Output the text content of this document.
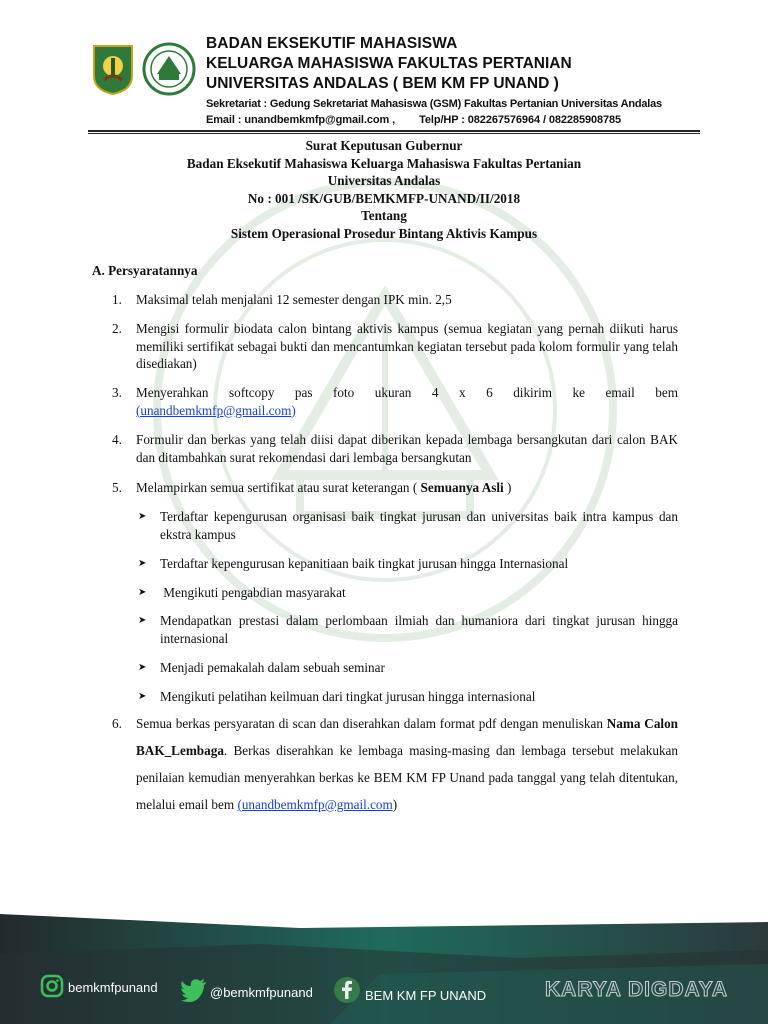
BADAN EKSEKUTIF MAHASISWA
KELUARGA MAHASISWA FAKULTAS PERTANIAN
UNIVERSITAS ANDALAS ( BEM KM FP UNAND )
Sekretariat : Gedung Sekretariat Mahasiswa (GSM) Fakultas Pertanian Universitas Andalas
Email : unandbemkmfp@gmail.com , Telp/HP : 082267576964 / 082285908785
Surat Keputusan Gubernur
Badan Eksekutif Mahasiswa Keluarga Mahasiswa Fakultas Pertanian
Universitas Andalas
No : 001 /SK/GUB/BEMKMFP-UNAND/II/2018
Tentang
Sistem Operasional Prosedur Bintang Aktivis Kampus
A. Persyaratannya
1.	Maksimal telah menjalani 12 semester dengan IPK min. 2,5
2.	Mengisi formulir biodata calon bintang aktivis kampus (semua kegiatan yang pernah diikuti harus memiliki sertifikat sebagai bukti dan mencantumkan kegiatan tersebut pada kolom formulir yang telah disediakan)
3.	Menyerahkan softcopy pas foto ukuran 4 x 6 dikirim ke email bem
(unandbemkmfp@gmail.com)
4.	Formulir dan berkas yang telah diisi dapat diberikan kepada lembaga bersangkutan dari calon BAK dan ditambahkan surat rekomendasi dari lembaga bersangkutan
5.	Melampirkan semua sertifikat atau surat keterangan ( Semuanya Asli )
➤	Terdaftar kepengurusan organisasi baik tingkat jurusan dan universitas baik intra kampus dan ekstra kampus
➤	Terdaftar kepengurusan kepanitiaan baik tingkat jurusan hingga Internasional
➤	Mengikuti pengabdian masyarakat
➤	Mendapatkan prestasi dalam perlombaan ilmiah dan humaniora dari tingkat jurusan hingga internasional
➤	Menjadi pemakalah dalam sebuah seminar
➤	Mengikuti pelatihan keilmuan dari tingkat jurusan hingga internasional
6.	Semua berkas persyaratan di scan dan diserahkan dalam format pdf dengan menuliskan Nama Calon BAK_Lembaga. Berkas diserahkan ke lembaga masing-masing dan lembaga tersebut melakukan penilaian kemudian menyerahkan berkas ke BEM KM FP Unand pada tanggal yang telah ditentukan, melalui email bem (unandbemkmfp@gmail.com)
bemkmfpunand	@bemkmfpunand	BEM KM FP UNAND	KARYA DIGDAYA
